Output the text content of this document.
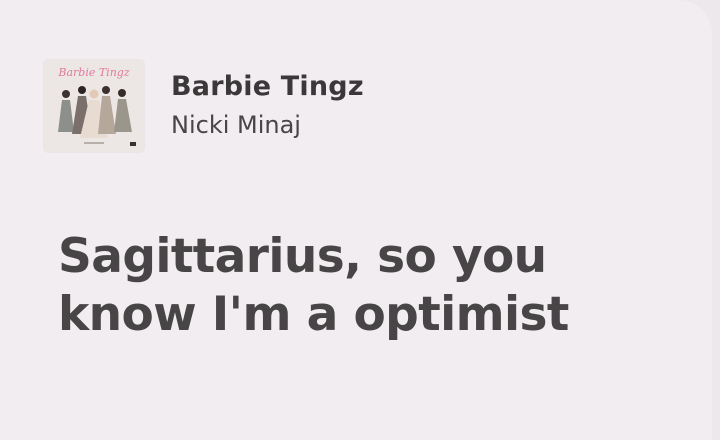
Barbie Tingz Barbie Tingz
Nicki Minaj
Sagittarius, so you
know I'm a optimist
